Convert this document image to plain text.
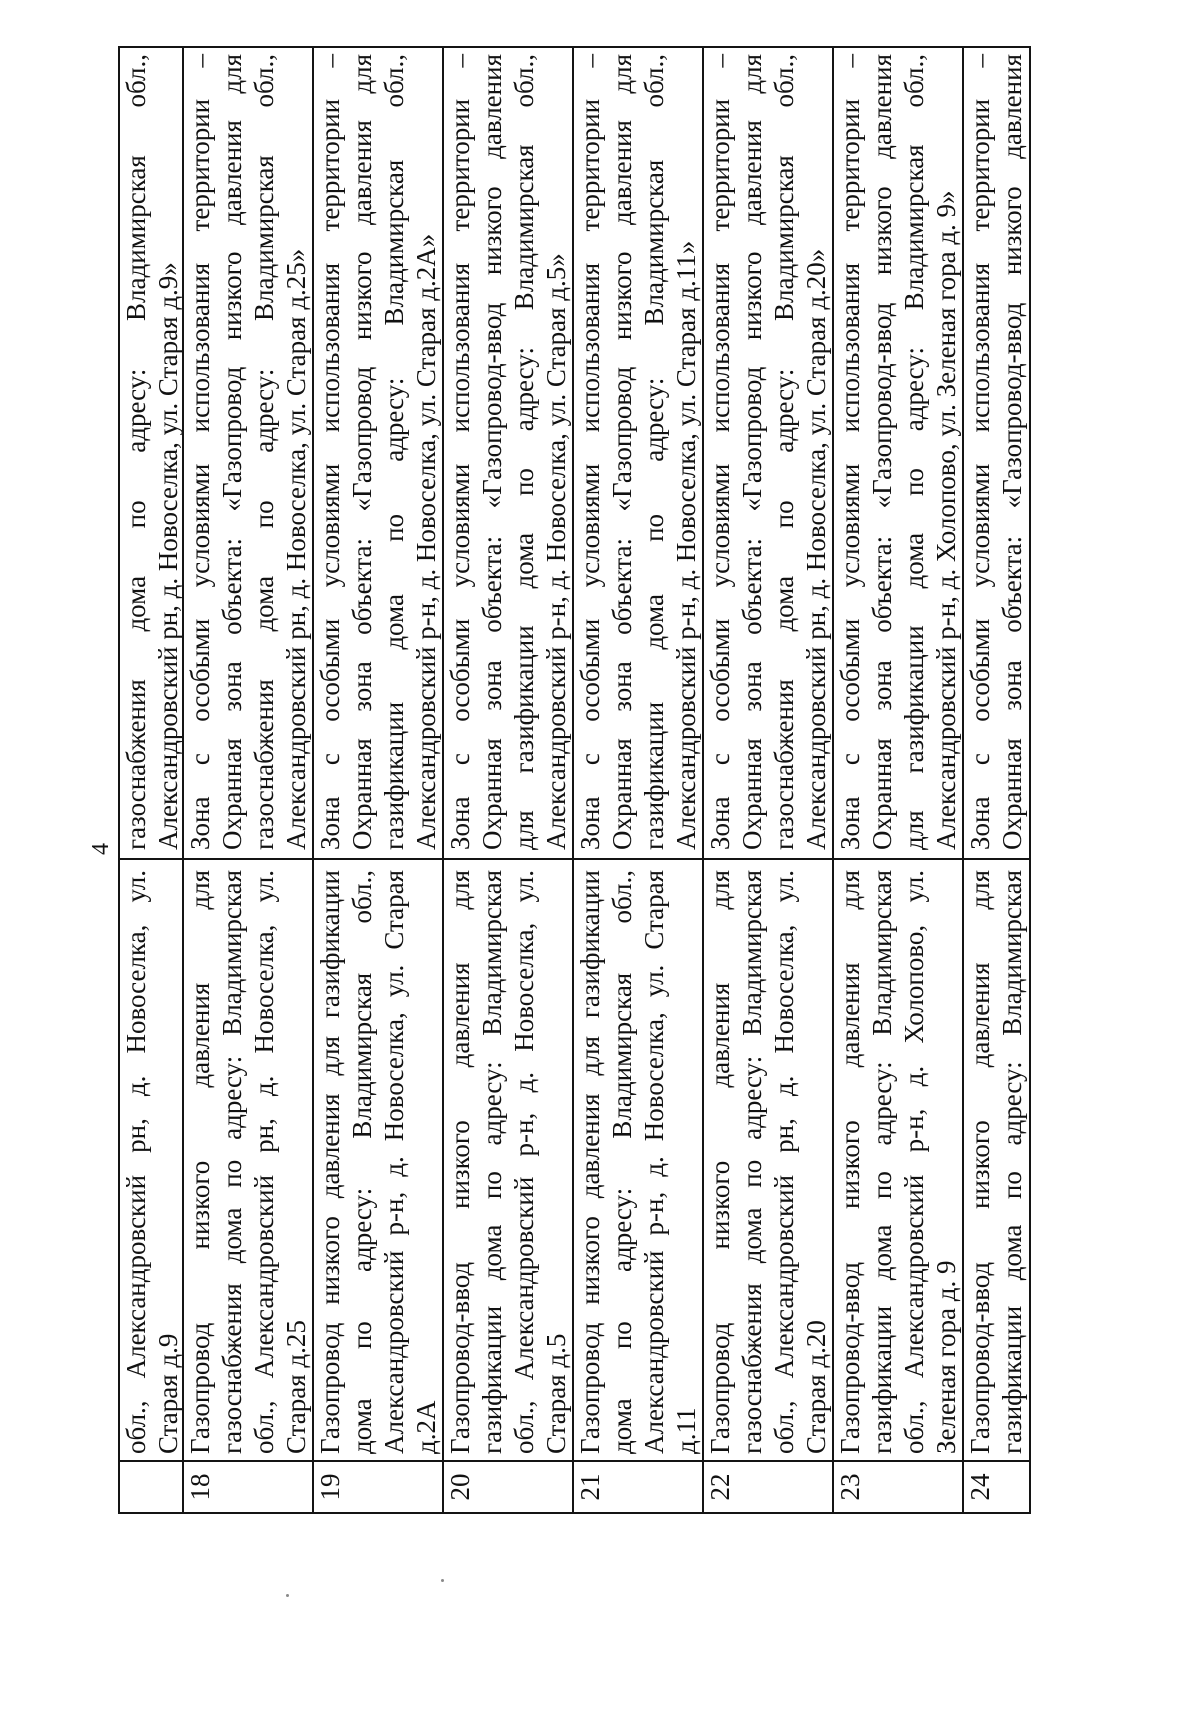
4
обл., Александровский рн, д. Новоселка, ул. Старая д.9
газоснабжения дома по адресу: Владимирская обл., Александровский рн, д. Новоселка, ул. Старая д.9»
18
Газопровод низкого давления для газоснабжения дома по адресу: Владимирская обл., Александровский рн, д. Новоселка, ул. Старая д.25
Зона с особыми условиями использования территории – Охранная зона объекта: «Газопровод низкого давления для газоснабжения дома по адресу: Владимирская обл., Александровский рн, д. Новоселка, ул. Старая д.25»
19
Газопровод низкого давления для газификации дома по адресу: Владимирская обл., Александровский р-н, д. Новоселка, ул. Старая д.2А
Зона с особыми условиями использования территории – Охранная зона объекта: «Газопровод низкого давления для газификации дома по адресу: Владимирская обл., Александровский р-н, д. Новоселка, ул. Старая д.2А»
20
Газопровод-ввод низкого давления для газификации дома по адресу: Владимирская обл., Александровский р-н, д. Новоселка, ул. Старая д.5
Зона с особыми условиями использования территории – Охранная зона объекта: «Газопровод-ввод низкого давления для газификации дома по адресу: Владимирская обл., Александровский р-н, д. Новоселка, ул. Старая д.5»
21
Газопровод низкого давления для газификации дома по адресу: Владимирская обл., Александровский р-н, д. Новоселка, ул. Старая д.11
Зона с особыми условиями использования территории – Охранная зона объекта: «Газопровод низкого давления для газификации дома по адресу: Владимирская обл., Александровский р-н, д. Новоселка, ул. Старая д.11»
22
Газопровод низкого давления для газоснабжения дома по адресу: Владимирская обл., Александровский рн, д. Новоселка, ул. Старая д.20
Зона с особыми условиями использования территории – Охранная зона объекта: «Газопровод низкого давления для газоснабжения дома по адресу: Владимирская обл., Александровский рн, д. Новоселка, ул. Старая д.20»
23
Газопровод-ввод низкого давления для газификации дома по адресу: Владимирская обл., Александровский р-н, д. Холопово, ул. Зеленая гора д. 9
Зона с особыми условиями использования территории – Охранная зона объекта: «Газопровод-ввод низкого давления для газификации дома по адресу: Владимирская обл., Александровский р-н, д. Холопово, ул. Зеленая гора д. 9»
24
Газопровод-ввод низкого давления для газификации дома по адресу: Владимирская
Зона с особыми условиями использования территории – Охранная зона объекта: «Газопровод-ввод низкого давления
